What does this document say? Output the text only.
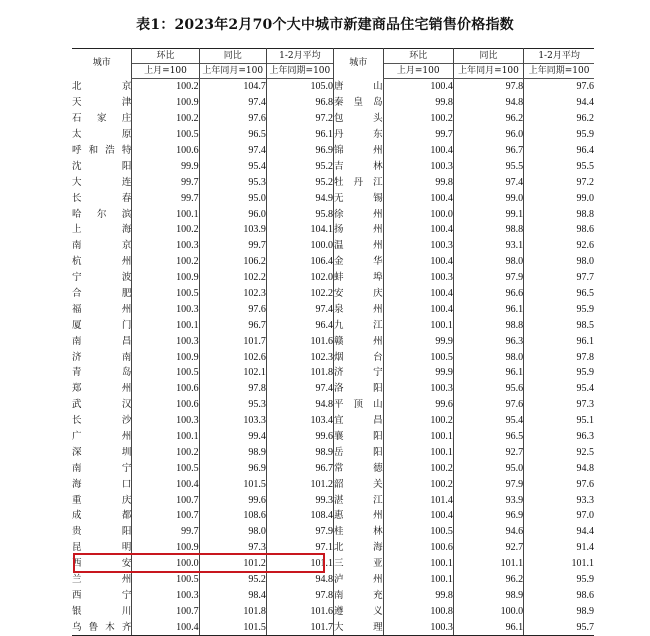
表1：2023年2月70个大中城市新建商品住宅销售价格指数
城市	环比	同比	1-2月平均	城市	环比	同比	1-2月平均
	上月=100	上年同月=100	上年同期=100		上月=100	上年同月=100	上年同期=100
北京	100.2	104.7	105.0	唐山	100.4	97.8	97.6
天津	100.9	97.4	96.8	秦皇岛	99.8	94.8	94.4
石家庄	100.2	97.6	97.2	包头	100.2	96.2	96.2
太原	100.5	96.5	96.1	丹东	99.7	96.0	95.9
呼和浩特	100.6	97.4	96.9	锦州	100.4	96.7	96.4
沈阳	99.9	95.4	95.2	吉林	100.3	95.5	95.5
大连	99.7	95.3	95.2	牡丹江	99.8	97.4	97.2
长春	99.7	95.0	94.9	无锡	100.4	99.0	99.0
哈尔滨	100.1	96.0	95.8	徐州	100.0	99.1	98.8
上海	100.2	103.9	104.1	扬州	100.4	98.8	98.6
南京	100.3	99.7	100.0	温州	100.3	93.1	92.6
杭州	100.2	106.2	106.4	金华	100.4	98.0	98.0
宁波	100.9	102.2	102.0	蚌埠	100.3	97.9	97.7
合肥	100.5	102.3	102.2	安庆	100.4	96.6	96.5
福州	100.3	97.6	97.4	泉州	100.4	96.1	95.9
厦门	100.1	96.7	96.4	九江	100.1	98.8	98.5
南昌	100.3	101.7	101.6	赣州	99.9	96.3	96.1
济南	100.9	102.6	102.3	烟台	100.5	98.0	97.8
青岛	100.5	102.1	101.8	济宁	99.9	96.1	95.9
郑州	100.6	97.8	97.4	洛阳	100.3	95.6	95.4
武汉	100.6	95.3	94.8	平顶山	99.6	97.6	97.3
长沙	100.3	103.3	103.4	宜昌	100.2	95.4	95.1
广州	100.1	99.4	99.6	襄阳	100.1	96.5	96.3
深圳	100.2	98.9	98.9	岳阳	100.1	92.7	92.5
南宁	100.5	96.9	96.7	常德	100.2	95.0	94.8
海口	100.4	101.5	101.2	韶关	100.2	97.9	97.6
重庆	100.7	99.6	99.3	湛江	101.4	93.9	93.3
成都	100.7	108.6	108.4	惠州	100.4	96.9	97.0
贵阳	99.7	98.0	97.9	桂林	100.5	94.6	94.4
昆明	100.9	97.3	97.1	北海	100.6	92.7	91.4
西安	100.0	101.2	101.1	三亚	100.1	101.1	101.1
兰州	100.5	95.2	94.8	泸州	100.1	96.2	95.9
西宁	100.3	98.4	97.8	南充	99.8	98.9	98.6
银川	100.7	101.8	101.6	遵义	100.8	100.0	98.9
乌鲁木齐	100.4	101.5	101.7	大理	100.3	96.1	95.7
